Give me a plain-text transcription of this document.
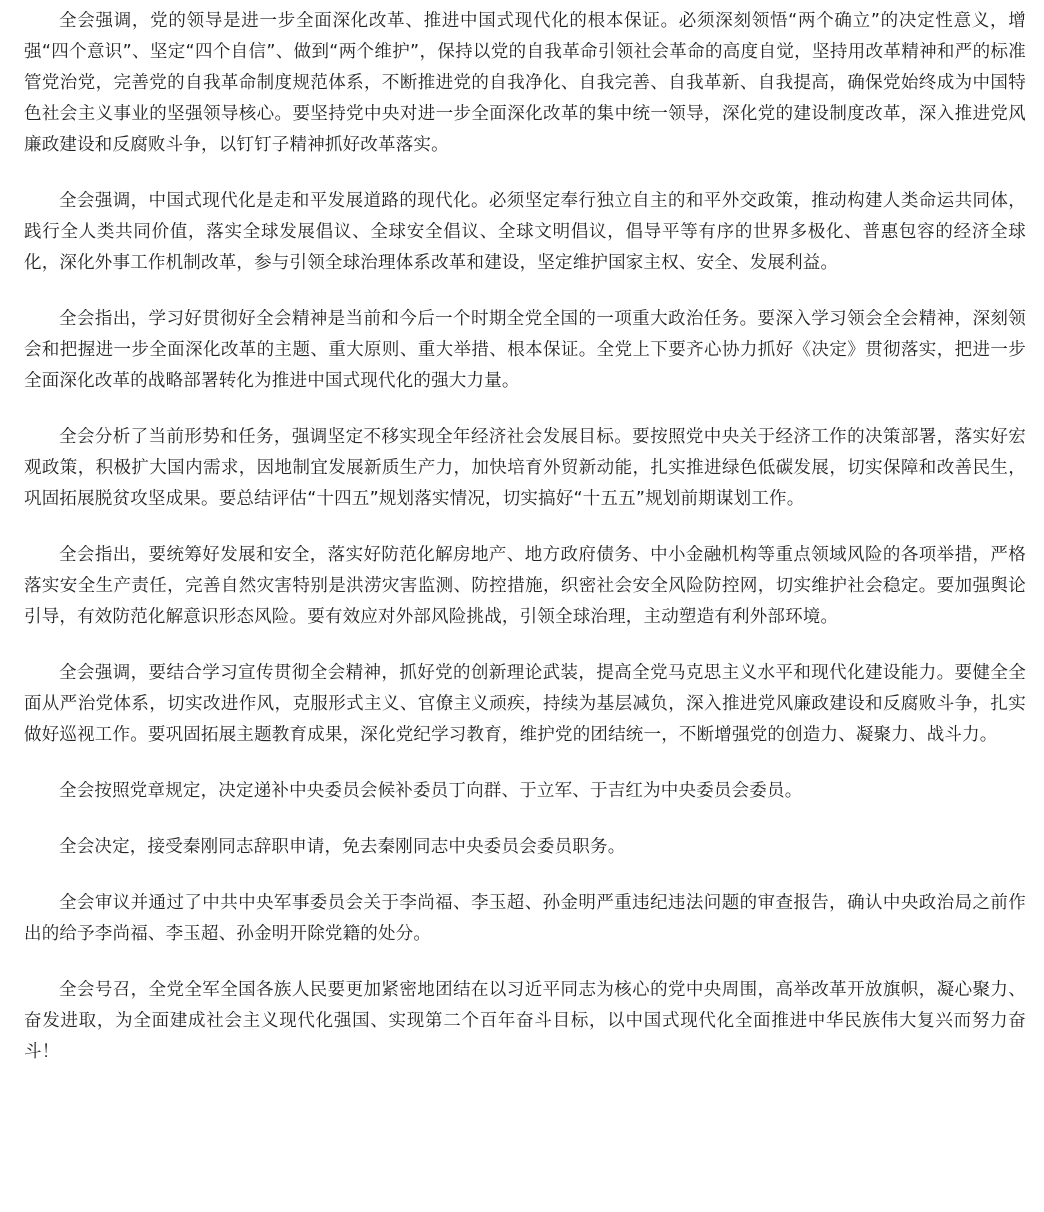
全会强调，党的领导是进一步全面深化改革、推进中国式现代化的根本保证。必须深刻领悟“两个确立”的决定性意义，增强“四个意识”、坚定“四个自信”、做到“两个维护”，保持以党的自我革命引领社会革命的高度自觉，坚持用改革精神和严的标准管党治党，完善党的自我革命制度规范体系，不断推进党的自我净化、自我完善、自我革新、自我提高，确保党始终成为中国特色社会主义事业的坚强领导核心。要坚持党中央对进一步全面深化改革的集中统一领导，深化党的建设制度改革，深入推进党风廉政建设和反腐败斗争，以钉钉子精神抓好改革落实。

全会强调，中国式现代化是走和平发展道路的现代化。必须坚定奉行独立自主的和平外交政策，推动构建人类命运共同体，践行全人类共同价值，落实全球发展倡议、全球安全倡议、全球文明倡议，倡导平等有序的世界多极化、普惠包容的经济全球化，深化外事工作机制改革，参与引领全球治理体系改革和建设，坚定维护国家主权、安全、发展利益。

全会指出，学习好贯彻好全会精神是当前和今后一个时期全党全国的一项重大政治任务。要深入学习领会全会精神，深刻领会和把握进一步全面深化改革的主题、重大原则、重大举措、根本保证。全党上下要齐心协力抓好《决定》贯彻落实，把进一步全面深化改革的战略部署转化为推进中国式现代化的强大力量。

全会分析了当前形势和任务，强调坚定不移实现全年经济社会发展目标。要按照党中央关于经济工作的决策部署，落实好宏观政策，积极扩大国内需求，因地制宜发展新质生产力，加快培育外贸新动能，扎实推进绿色低碳发展，切实保障和改善民生，巩固拓展脱贫攻坚成果。要总结评估“十四五”规划落实情况，切实搞好“十五五”规划前期谋划工作。

全会指出，要统筹好发展和安全，落实好防范化解房地产、地方政府债务、中小金融机构等重点领域风险的各项举措，严格落实安全生产责任，完善自然灾害特别是洪涝灾害监测、防控措施，织密社会安全风险防控网，切实维护社会稳定。要加强舆论引导，有效防范化解意识形态风险。要有效应对外部风险挑战，引领全球治理，主动塑造有利外部环境。

全会强调，要结合学习宣传贯彻全会精神，抓好党的创新理论武装，提高全党马克思主义水平和现代化建设能力。要健全全面从严治党体系，切实改进作风，克服形式主义、官僚主义顽疾，持续为基层减负，深入推进党风廉政建设和反腐败斗争，扎实做好巡视工作。要巩固拓展主题教育成果，深化党纪学习教育，维护党的团结统一，不断增强党的创造力、凝聚力、战斗力。

全会按照党章规定，决定递补中央委员会候补委员丁向群、于立军、于吉红为中央委员会委员。

全会决定，接受秦刚同志辞职申请，免去秦刚同志中央委员会委员职务。

全会审议并通过了中共中央军事委员会关于李尚福、李玉超、孙金明严重违纪违法问题的审查报告，确认中央政治局之前作出的给予李尚福、李玉超、孙金明开除党籍的处分。

全会号召，全党全军全国各族人民要更加紧密地团结在以习近平同志为核心的党中央周围，高举改革开放旗帜，凝心聚力、奋发进取，为全面建成社会主义现代化强国、实现第二个百年奋斗目标，以中国式现代化全面推进中华民族伟大复兴而努力奋斗！
